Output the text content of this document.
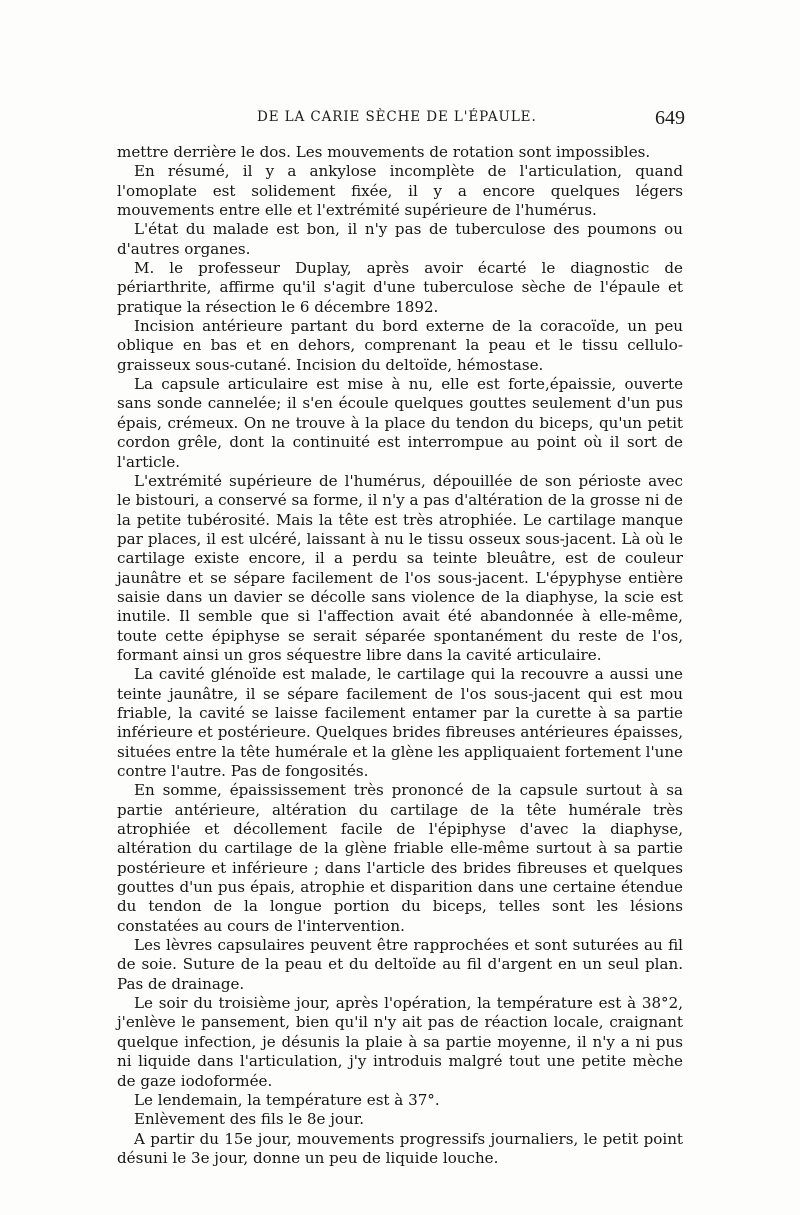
DE LA CARIE SÈCHE DE L'ÉPAULE.	649

mettre derrière le dos. Les mouvements de rotation sont impossibles.

En résumé, il y a ankylose incomplète de l'articulation, quand l'omoplate est solidement fixée, il y a encore quelques légers mouvements entre elle et l'extrémité supérieure de l'humérus.

L'état du malade est bon, il n'y pas de tuberculose des poumons ou d'autres organes.

M. le professeur Duplay, après avoir écarté le diagnostic de périarthrite, affirme qu'il s'agit d'une tuberculose sèche de l'épaule et pratique la résection le 6 décembre 1892.

Incision antérieure partant du bord externe de la coracoïde, un peu oblique en bas et en dehors, comprenant la peau et le tissu cellulo-graisseux sous-cutané. Incision du deltoïde, hémostase.

La capsule articulaire est mise à nu, elle est forte,épaissie, ouverte sans sonde cannelée; il s'en écoule quelques gouttes seulement d'un pus épais, crémeux. On ne trouve à la place du tendon du biceps, qu'un petit cordon grêle, dont la continuité est interrompue au point où il sort de l'article.

L'extrémité supérieure de l'humérus, dépouillée de son périoste avec le bistouri, a conservé sa forme, il n'y a pas d'altération de la grosse ni de la petite tubérosité. Mais la tête est très atrophiée. Le cartilage manque par places, il est ulcéré, laissant à nu le tissu osseux sous-jacent. Là où le cartilage existe encore, il a perdu sa teinte bleuâtre, est de couleur jaunâtre et se sépare facilement de l'os sous-jacent. L'épyphyse entière saisie dans un davier se décolle sans violence de la diaphyse, la scie est inutile. Il semble que si l'affection avait été abandonnée à elle-même, toute cette épiphyse se serait séparée spontanément du reste de l'os, formant ainsi un gros séquestre libre dans la cavité articulaire.

La cavité glénoïde est malade, le cartilage qui la recouvre a aussi une teinte jaunâtre, il se sépare facilement de l'os sous-jacent qui est mou friable, la cavité se laisse facilement entamer par la curette à sa partie inférieure et postérieure. Quelques brides fibreuses antérieures épaisses, situées entre la tête humérale et la glène les appliquaient fortement l'une contre l'autre. Pas de fongosités.

En somme, épaississement très prononcé de la capsule surtout à sa partie antérieure, altération du cartilage de la tête humérale très atrophiée et décollement facile de l'épiphyse d'avec la diaphyse, altération du cartilage de la glène friable elle-même surtout à sa partie postérieure et inférieure ; dans l'article des brides fibreuses et quelques gouttes d'un pus épais, atrophie et disparition dans une certaine étendue du tendon de la longue portion du biceps, telles sont les lésions constatées au cours de l'intervention.

Les lèvres capsulaires peuvent être rapprochées et sont suturées au fil de soie. Suture de la peau et du deltoïde au fil d'argent en un seul plan. Pas de drainage.

Le soir du troisième jour, après l'opération, la température est à 38°2, j'enlève le pansement, bien qu'il n'y ait pas de réaction locale, craignant quelque infection, je désunis la plaie à sa partie moyenne, il n'y a ni pus ni liquide dans l'articulation, j'y introduis malgré tout une petite mèche de gaze iodoformée.

Le lendemain, la température est à 37°.

Enlèvement des fils le 8e jour.

A partir du 15e jour, mouvements progressifs journaliers, le petit point désuni le 3e jour, donne un peu de liquide louche.
